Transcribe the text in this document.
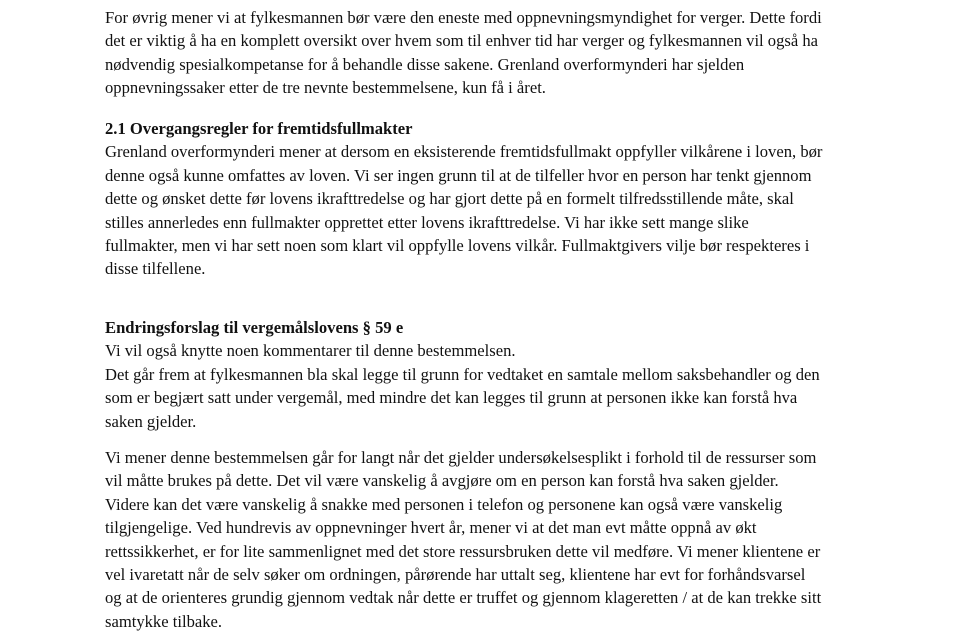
For øvrig mener vi at fylkesmannen bør være den eneste med oppnevningsmyndighet for verger. Dette fordi
det er viktig å ha en komplett oversikt over hvem som til enhver tid har verger og fylkesmannen vil også ha
nødvendig spesialkompetanse for å behandle disse sakene. Grenland overformynderi har sjelden
oppnevningssaker etter de tre nevnte bestemmelsene, kun få i året.
2.1 Overgangsregler for fremtidsfullmakter
Grenland overformynderi mener at dersom en eksisterende fremtidsfullmakt oppfyller vilkårene i loven, bør
denne også kunne omfattes av loven. Vi ser ingen grunn til at de tilfeller hvor en person har tenkt gjennom
dette og ønsket dette før lovens ikrafttredelse og har gjort dette på en formelt tilfredsstillende måte, skal
stilles annerledes enn fullmakter opprettet etter lovens ikrafttredelse. Vi har ikke sett mange slike
fullmakter, men vi har sett noen som klart vil oppfylle lovens vilkår. Fullmaktgivers vilje bør respekteres i
disse tilfellene.
Endringsforslag til vergemålslovens § 59 e
Vi vil også knytte noen kommentarer til denne bestemmelsen.
Det går frem at fylkesmannen bla skal legge til grunn for vedtaket en samtale mellom saksbehandler og den
som er begjært satt under vergemål, med mindre det kan legges til grunn at personen ikke kan forstå hva
saken gjelder.
Vi mener denne bestemmelsen går for langt når det gjelder undersøkelsesplikt i forhold til de ressurser som
vil måtte brukes på dette. Det vil være vanskelig å avgjøre om en person kan forstå hva saken gjelder.
Videre kan det være vanskelig å snakke med personen i telefon og personene kan også være vanskelig
tilgjengelige. Ved hundrevis av oppnevninger hvert år, mener vi at det man evt måtte oppnå av økt
rettssikkerhet, er for lite sammenlignet med det store ressursbruken dette vil medføre. Vi mener klientene er
vel ivaretatt når de selv søker om ordningen, pårørende har uttalt seg, klientene har evt for forhåndsvarsel
og at de orienteres grundig gjennom vedtak når dette er truffet og gjennom klageretten / at de kan trekke sitt
samtykke tilbake.
